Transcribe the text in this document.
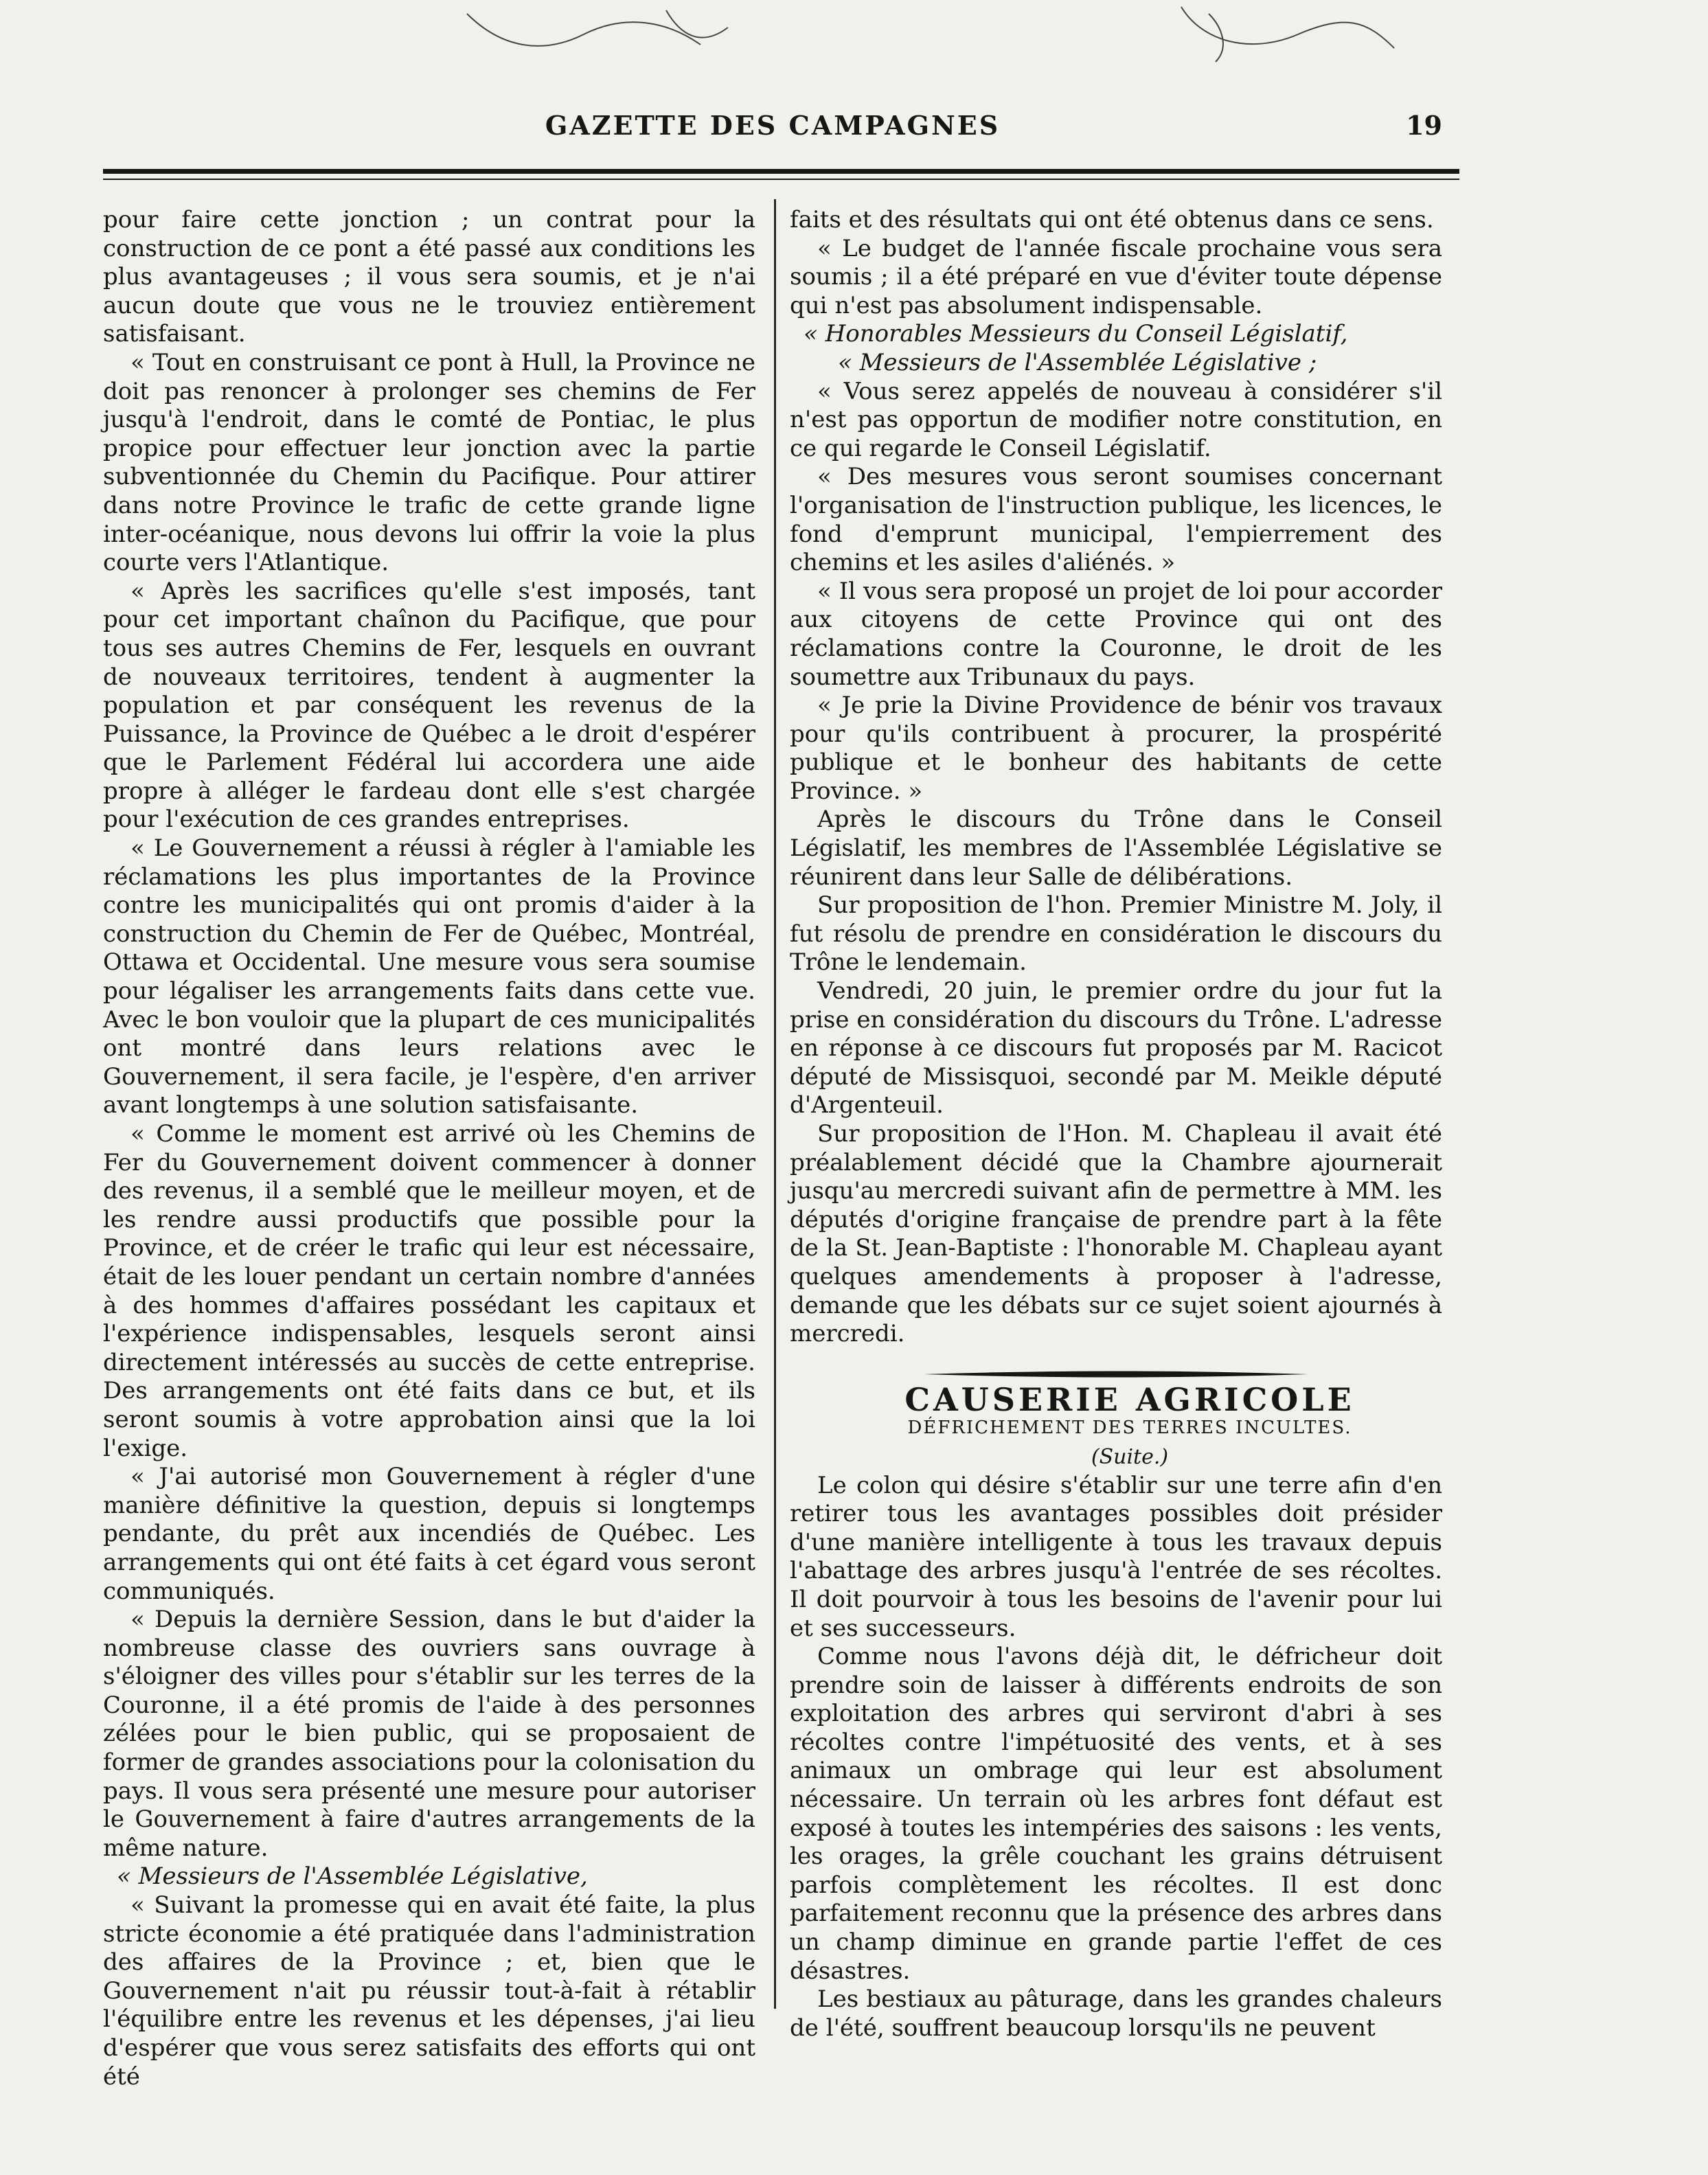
GAZETTE DES CAMPAGNES	19

pour faire cette jonction ; un contrat pour la construction de ce pont a été passé aux conditions les plus avantageuses ; il vous sera soumis, et je n'ai aucun doute que vous ne le trouviez entièrement satisfaisant.

« Tout en construisant ce pont à Hull, la Province ne doit pas renoncer à prolonger ses chemins de Fer jusqu'à l'endroit, dans le comté de Pontiac, le plus propice pour effectuer leur jonction avec la partie subventionnée du Chemin du Pacifique. Pour attirer dans notre Province le trafic de cette grande ligne inter-océanique, nous devons lui offrir la voie la plus courte vers l'Atlantique.

« Après les sacrifices qu'elle s'est imposés, tant pour cet important chaînon du Pacifique, que pour tous ses autres Chemins de Fer, lesquels en ouvrant de nouveaux territoires, tendent à augmenter la population et par conséquent les revenus de la Puissance, la Province de Québec a le droit d'espérer que le Parlement Fédéral lui accordera une aide propre à alléger le fardeau dont elle s'est chargée pour l'exécution de ces grandes entreprises.

« Le Gouvernement a réussi à régler à l'amiable les réclamations les plus importantes de la Province contre les municipalités qui ont promis d'aider à la construction du Chemin de Fer de Québec, Montréal, Ottawa et Occidental. Une mesure vous sera soumise pour légaliser les arrangements faits dans cette vue. Avec le bon vouloir que la plupart de ces municipalités ont montré dans leurs relations avec le Gouvernement, il sera facile, je l'espère, d'en arriver avant longtemps à une solution satisfaisante.

« Comme le moment est arrivé où les Chemins de Fer du Gouvernement doivent commencer à donner des revenus, il a semblé que le meilleur moyen, et de les rendre aussi productifs que possible pour la Province, et de créer le trafic qui leur est nécessaire, était de les louer pendant un certain nombre d'années à des hommes d'affaires possédant les capitaux et l'expérience indispensables, lesquels seront ainsi directement intéressés au succès de cette entreprise. Des arrangements ont été faits dans ce but, et ils seront soumis à votre approbation ainsi que la loi l'exige.

« J'ai autorisé mon Gouvernement à régler d'une manière définitive la question, depuis si longtemps pendante, du prêt aux incendiés de Québec. Les arrangements qui ont été faits à cet égard vous seront communiqués.

« Depuis la dernière Session, dans le but d'aider la nombreuse classe des ouvriers sans ouvrage à s'éloigner des villes pour s'établir sur les terres de la Couronne, il a été promis de l'aide à des personnes zélées pour le bien public, qui se proposaient de former de grandes associations pour la colonisation du pays. Il vous sera présenté une mesure pour autoriser le Gouvernement à faire d'autres arrangements de la même nature.

« Messieurs de l'Assemblée Législative,

« Suivant la promesse qui en avait été faite, la plus stricte économie a été pratiquée dans l'administration des affaires de la Province ; et, bien que le Gouvernement n'ait pu réussir tout-à-fait à rétablir l'équilibre entre les revenus et les dépenses, j'ai lieu d'espérer que vous serez satisfaits des efforts qui ont été

faits et des résultats qui ont été obtenus dans ce sens.

« Le budget de l'année fiscale prochaine vous sera soumis ; il a été préparé en vue d'éviter toute dépense qui n'est pas absolument indispensable.

« Honorables Messieurs du Conseil Législatif,

« Messieurs de l'Assemblée Législative ;

« Vous serez appelés de nouveau à considérer s'il n'est pas opportun de modifier notre constitution, en ce qui regarde le Conseil Législatif.

« Des mesures vous seront soumises concernant l'organisation de l'instruction publique, les licences, le fond d'emprunt municipal, l'empierrement des chemins et les asiles d'aliénés. »

« Il vous sera proposé un projet de loi pour accorder aux citoyens de cette Province qui ont des réclamations contre la Couronne, le droit de les soumettre aux Tribunaux du pays.

« Je prie la Divine Providence de bénir vos travaux pour qu'ils contribuent à procurer, la prospérité publique et le bonheur des habitants de cette Province. »

Après le discours du Trône dans le Conseil Législatif, les membres de l'Assemblée Législative se réunirent dans leur Salle de délibérations.

Sur proposition de l'hon. Premier Ministre M. Joly, il fut résolu de prendre en considération le discours du Trône le lendemain.

Vendredi, 20 juin, le premier ordre du jour fut la prise en considération du discours du Trône. L'adresse en réponse à ce discours fut proposés par M. Racicot député de Missisquoi, secondé par M. Meikle député d'Argenteuil.

Sur proposition de l'Hon. M. Chapleau il avait été préalablement décidé que la Chambre ajournerait jusqu'au mercredi suivant afin de permettre à MM. les députés d'origine française de prendre part à la fête de la St. Jean-Baptiste : l'honorable M. Chapleau ayant quelques amendements à proposer à l'adresse, demande que les débats sur ce sujet soient ajournés à mercredi.

CAUSERIE AGRICOLE

DÉFRICHEMENT DES TERRES INCULTES.

(Suite.)

Le colon qui désire s'établir sur une terre afin d'en retirer tous les avantages possibles doit présider d'une manière intelligente à tous les travaux depuis l'abattage des arbres jusqu'à l'entrée de ses récoltes. Il doit pourvoir à tous les besoins de l'avenir pour lui et ses successeurs.

Comme nous l'avons déjà dit, le défricheur doit prendre soin de laisser à différents endroits de son exploitation des arbres qui serviront d'abri à ses récoltes contre l'impétuosité des vents, et à ses animaux un ombrage qui leur est absolument nécessaire. Un terrain où les arbres font défaut est exposé à toutes les intempéries des saisons : les vents, les orages, la grêle couchant les grains détruisent parfois complètement les récoltes. Il est donc parfaitement reconnu que la présence des arbres dans un champ diminue en grande partie l'effet de ces désastres.

Les bestiaux au pâturage, dans les grandes chaleurs de l'été, souffrent beaucoup lorsqu'ils ne peuvent
